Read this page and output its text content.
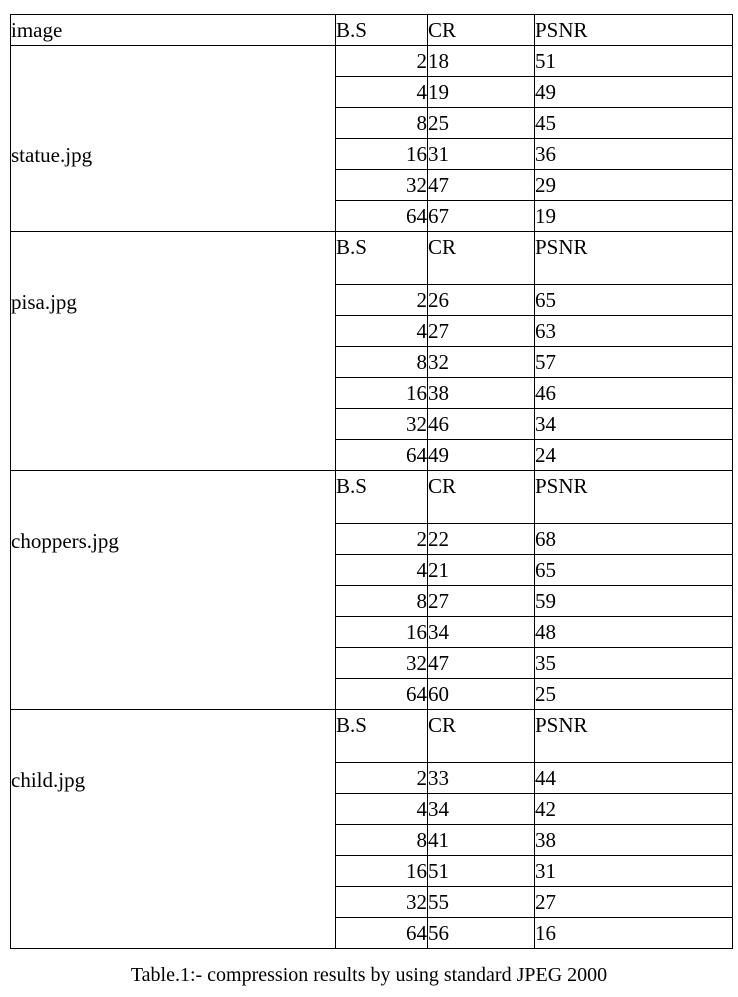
image	B.S	CR	PSNR
statue.jpg	2	18	51
	4	19	49
	8	25	45
	16	31	36
	32	47	29
	64	67	19
pisa.jpg	B.S	CR	PSNR
	2	26	65
	4	27	63
	8	32	57
	16	38	46
	32	46	34
	64	49	24
choppers.jpg	B.S	CR	PSNR
	2	22	68
	4	21	65
	8	27	59
	16	34	48
	32	47	35
	64	60	25
child.jpg	B.S	CR	PSNR
	2	33	44
	4	34	42
	8	41	38
	16	51	31
	32	55	27
	64	56	16
Table.1:- compression results by using standard JPEG 2000
